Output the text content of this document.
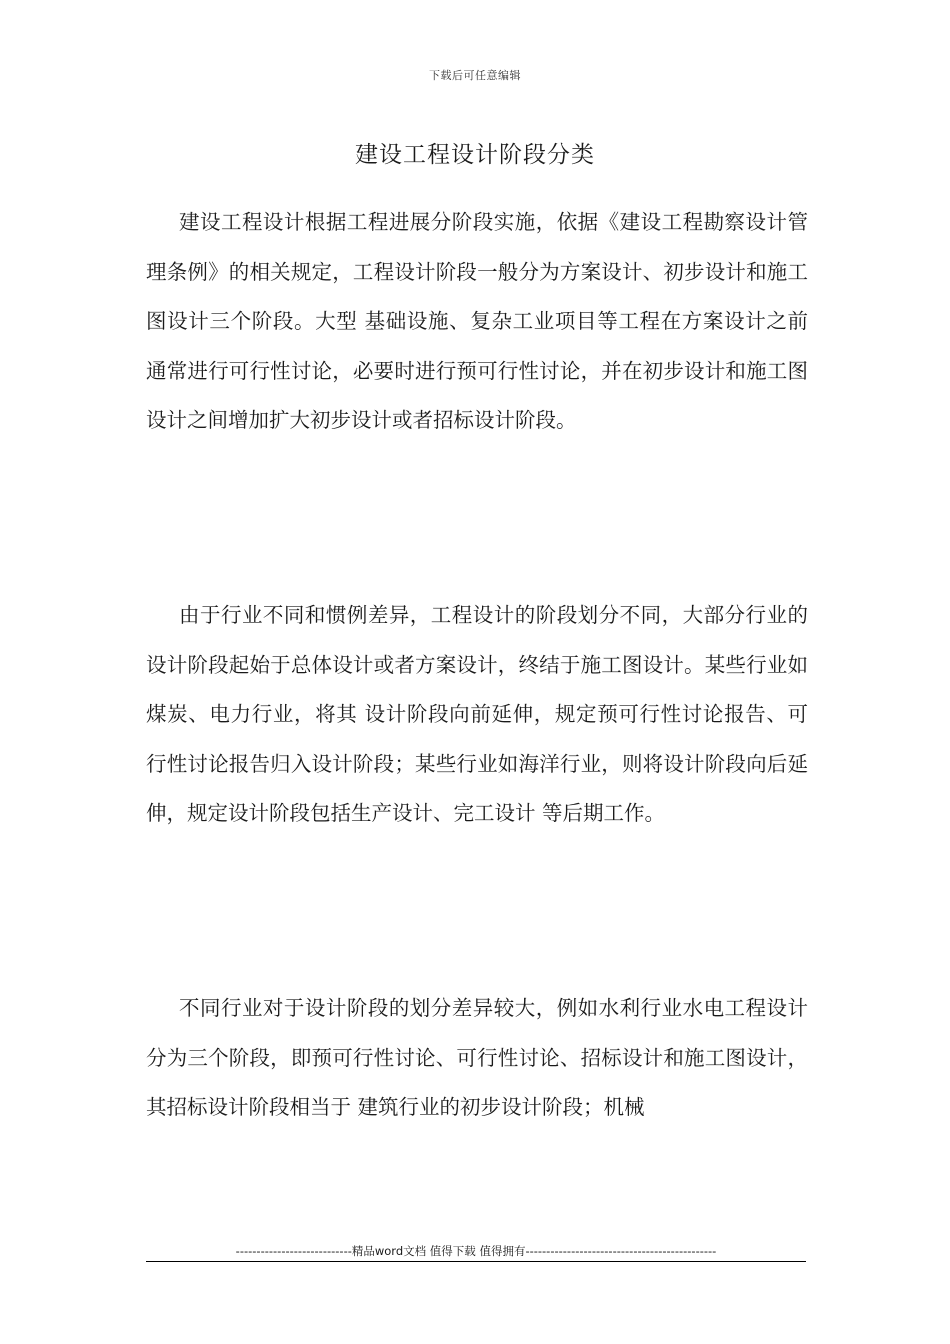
下载后可任意编辑
建设工程设计阶段分类

建设工程设计根据工程进展分阶段实施，依据《建设工程勘察设计管理条例》的相关规定，工程设计阶段一般分为方案设计、初步设计和施工图设计三个阶段。大型 基础设施、复杂工业项目等工程在方案设计之前通常进行可行性讨论，必要时进行预可行性讨论，并在初步设计和施工图设计之间增加扩大初步设计或者招标设计阶段。

由于行业不同和惯例差异，工程设计的阶段划分不同，大部分行业的设计阶段起始于总体设计或者方案设计，终结于施工图设计。某些行业如煤炭、电力行业，将其 设计阶段向前延伸，规定预可行性讨论报告、可行性讨论报告归入设计阶段；某些行业如海洋行业，则将设计阶段向后延伸，规定设计阶段包括生产设计、完工设计 等后期工作。

不同行业对于设计阶段的划分差异较大，例如水利行业水电工程设计分为三个阶段，即预可行性讨论、可行性讨论、招标设计和施工图设计，其招标设计阶段相当于 建筑行业的初步设计阶段；机械

----------------------------精品word文档 值得下载 值得拥有----------------------------------------------
